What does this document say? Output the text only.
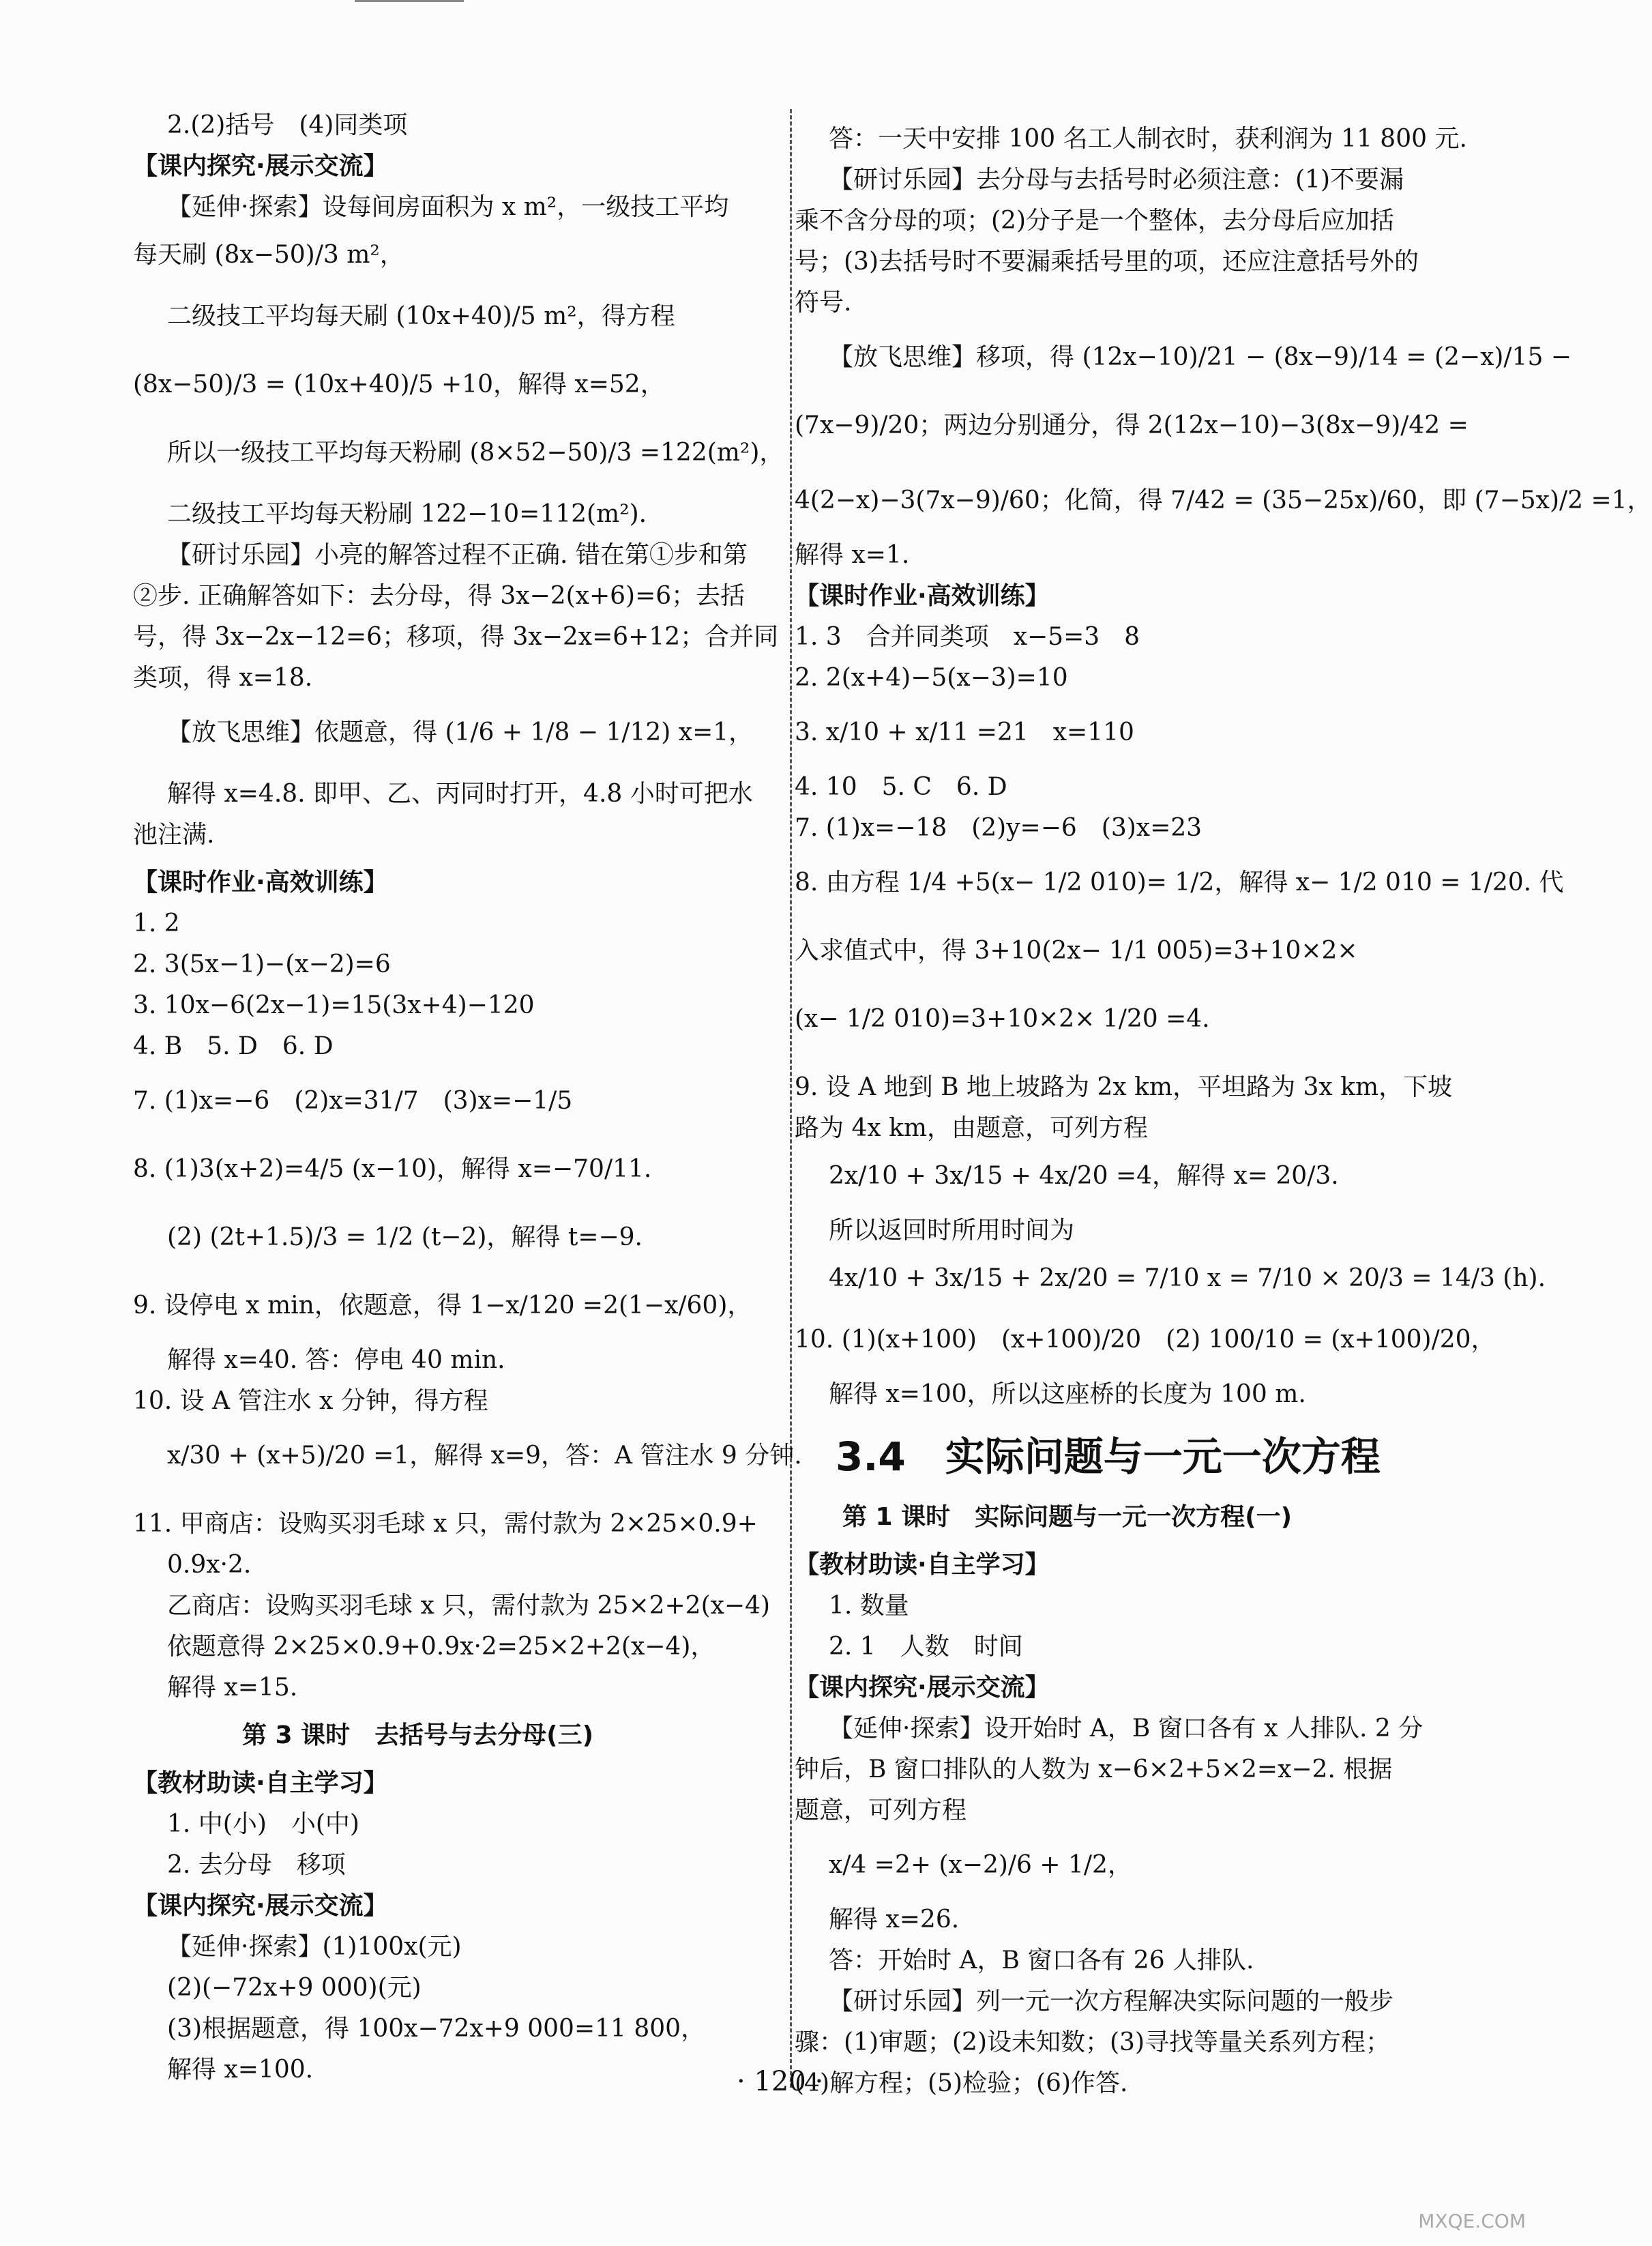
2.(2)括号　(4)同类项
【课内探究·展示交流】
【延伸·探索】设每间房面积为 x m²，一级技工平均
每天刷 (8x−50)/3 m²，
二级技工平均每天刷 (10x+40)/5 m²，得方程
(8x−50)/3 = (10x+40)/5 +10，解得 x=52，
所以一级技工平均每天粉刷 (8×52−50)/3 =122(m²)，
二级技工平均每天粉刷 122−10=112(m²).
【研讨乐园】小亮的解答过程不正确. 错在第①步和第
②步. 正确解答如下：去分母，得 3x−2(x+6)=6；去括
号，得 3x−2x−12=6；移项，得 3x−2x=6+12；合并同
类项，得 x=18.
【放飞思维】依题意，得 (1/6 + 1/8 − 1/12) x=1，
解得 x=4.8. 即甲、乙、丙同时打开，4.8 小时可把水
池注满.
【课时作业·高效训练】
1. 2
2. 3(5x−1)−(x−2)=6
3. 10x−6(2x−1)=15(3x+4)−120
4. B　5. D　6. D
7. (1)x=−6　(2)x=31/7　(3)x=−1/5
8. (1)3(x+2)=4/5 (x−10)，解得 x=−70/11.
(2) (2t+1.5)/3 = 1/2 (t−2)，解得 t=−9.
9. 设停电 x min，依题意，得 1−x/120 =2(1−x/60)，
解得 x=40. 答：停电 40 min.
10. 设 A 管注水 x 分钟，得方程
x/30 + (x+5)/20 =1，解得 x=9，答：A 管注水 9 分钟.
11. 甲商店：设购买羽毛球 x 只，需付款为 2×25×0.9+
0.9x·2.
乙商店：设购买羽毛球 x 只，需付款为 25×2+2(x−4)
依题意得 2×25×0.9+0.9x·2=25×2+2(x−4)，
解得 x=15.
第 3 课时　去括号与去分母(三)
【教材助读·自主学习】
1. 中(小)　小(中)
2. 去分母　移项
【课内探究·展示交流】
【延伸·探索】(1)100x(元)
(2)(−72x+9 000)(元)
(3)根据题意，得 100x−72x+9 000=11 800，
解得 x=100.
答：一天中安排 100 名工人制衣时，获利润为 11 800 元.
【研讨乐园】去分母与去括号时必须注意：(1)不要漏
乘不含分母的项；(2)分子是一个整体，去分母后应加括
号；(3)去括号时不要漏乘括号里的项，还应注意括号外的
符号.
【放飞思维】移项，得 (12x−10)/21 − (8x−9)/14 = (2−x)/15 −
(7x−9)/20；两边分别通分，得 2(12x−10)−3(8x−9)/42 =
4(2−x)−3(7x−9)/60；化简，得 7/42 = (35−25x)/60，即 (7−5x)/2 =1，
解得 x=1.
【课时作业·高效训练】
1. 3　合并同类项　x−5=3　8
2. 2(x+4)−5(x−3)=10
3. x/10 + x/11 =21　x=110
4. 10　5. C　6. D
7. (1)x=−18　(2)y=−6　(3)x=23
8. 由方程 1/4 +5(x− 1/2 010)= 1/2，解得 x− 1/2 010 = 1/20. 代
入求值式中，得 3+10(2x− 1/1 005)=3+10×2×
(x− 1/2 010)=3+10×2× 1/20 =4.
9. 设 A 地到 B 地上坡路为 2x km，平坦路为 3x km，下坡
路为 4x km，由题意，可列方程
2x/10 + 3x/15 + 4x/20 =4，解得 x= 20/3.
所以返回时所用时间为
4x/10 + 3x/15 + 2x/20 = 7/10 x = 7/10 × 20/3 = 14/3 (h).
10. (1)(x+100)　(x+100)/20　(2) 100/10 = (x+100)/20，
解得 x=100，所以这座桥的长度为 100 m.
3.4　实际问题与一元一次方程
第 1 课时　实际问题与一元一次方程(一)
【教材助读·自主学习】
1. 数量
2. 1　人数　时间
【课内探究·展示交流】
【延伸·探索】设开始时 A，B 窗口各有 x 人排队. 2 分
钟后，B 窗口排队的人数为 x−6×2+5×2=x−2. 根据
题意，可列方程
x/4 =2+ (x−2)/6 + 1/2，
解得 x=26.
答：开始时 A，B 窗口各有 26 人排队.
【研讨乐园】列一元一次方程解决实际问题的一般步
骤：(1)审题；(2)设未知数；(3)寻找等量关系列方程；
(4)解方程；(5)检验；(6)作答.
· 120 ·
MXQE.COM
